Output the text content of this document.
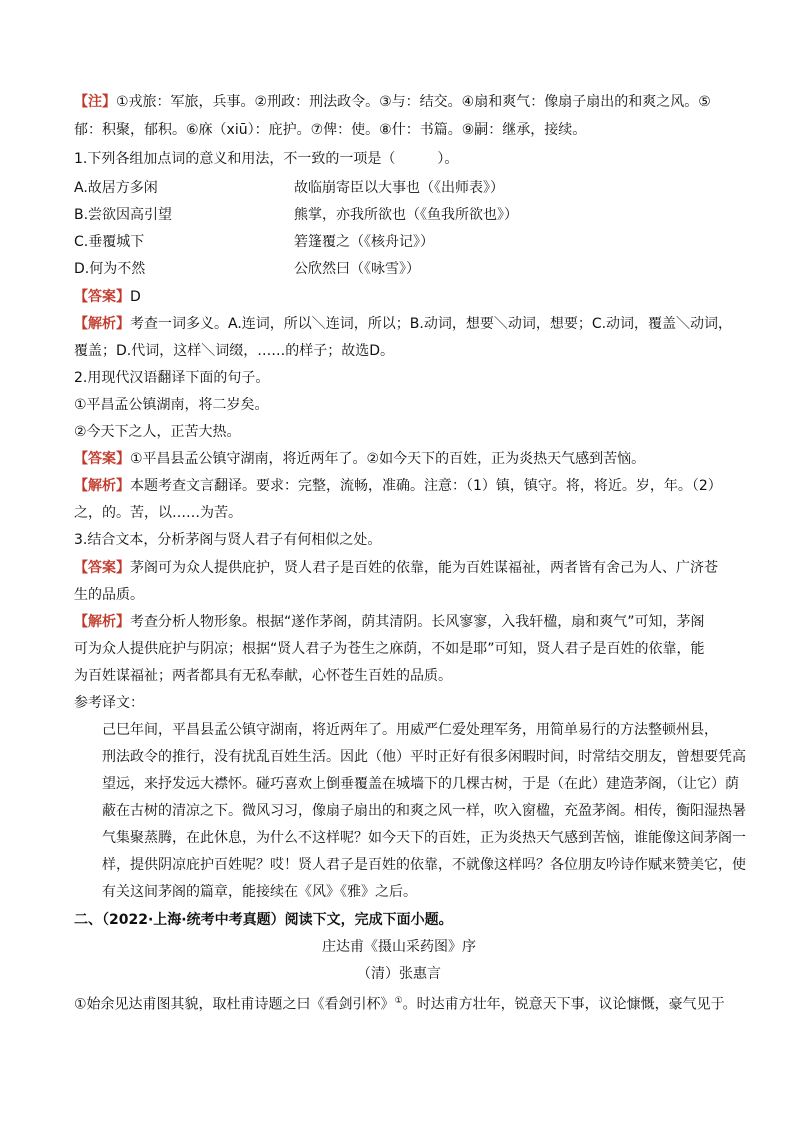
【注】①戎旅：军旅，兵事。②刑政：刑法政令。③与：结交。④扇和爽气：像扇子扇出的和爽之风。⑤
郁：积聚，郁积。⑥庥（xiū）：庇护。⑦俾：使。⑧什：书篇。⑨嗣：继承，接续。
1.下列各组加点词的意义和用法，不一致的一项是（　　　）。
A.故居方多闲	故临崩寄臣以大事也（《出师表》）
B.尝欲因高引望	熊掌，亦我所欲也（《鱼我所欲也》）
C.垂覆城下	箬篷覆之（《核舟记》）
D.何为不然	公欣然曰（《咏雪》）
【答案】D
【解析】考查一词多义。A.连词，所以＼连词，所以；B.动词，想要＼动词，想要；C.动词，覆盖＼动词，
覆盖；D.代词，这样＼词缀，……的样子；故选D。
2.用现代汉语翻译下面的句子。
①平昌孟公镇湖南，将二岁矣。
②今天下之人，正苦大热。
【答案】①平昌县孟公镇守湖南，将近两年了。②如今天下的百姓，正为炎热天气感到苦恼。
【解析】本题考查文言翻译。要求：完整，流畅，准确。注意：（1）镇，镇守。将，将近。岁，年。（2）
之，的。苦，以……为苦。
3.结合文本，分析茅阁与贤人君子有何相似之处。
【答案】茅阁可为众人提供庇护，贤人君子是百姓的依靠，能为百姓谋福祉，两者皆有舍己为人、广济苍
生的品质。
【解析】考查分析人物形象。根据“遂作茅阁，荫其清阴。长风寥寥，入我轩楹，扇和爽气”可知，茅阁
可为众人提供庇护与阴凉；根据“贤人君子为苍生之庥荫，不如是耶”可知，贤人君子是百姓的依靠，能
为百姓谋福祉；两者都具有无私奉献，心怀苍生百姓的品质。
参考译文：
　　己巳年间，平昌县孟公镇守湖南，将近两年了。用威严仁爱处理军务，用简单易行的方法整顿州县，
　　刑法政令的推行，没有扰乱百姓生活。因此（他）平时正好有很多闲暇时间，时常结交朋友，曾想要凭高
　　望远，来抒发远大襟怀。碰巧喜欢上倒垂覆盖在城墙下的几棵古树，于是（在此）建造茅阁，（让它）荫
　　蔽在古树的清凉之下。微风习习，像扇子扇出的和爽之风一样，吹入窗楹，充盈茅阁。相传，衡阳湿热暑
　　气集聚蒸腾，在此休息，为什么不这样呢？如今天下的百姓，正为炎热天气感到苦恼，谁能像这间茅阁一
　　样，提供阴凉庇护百姓呢？哎！贤人君子是百姓的依靠，不就像这样吗？各位朋友吟诗作赋来赞美它，使
　　有关这间茅阁的篇章，能接续在《风》《雅》之后。
二、（2022·上海·统考中考真题）阅读下文，完成下面小题。
庄达甫《摄山采药图》序
（清）张惠言
①始余见达甫图其貌，取杜甫诗题之曰《看剑引杯》①。时达甫方壮年，锐意天下事，议论慷慨，豪气见于
